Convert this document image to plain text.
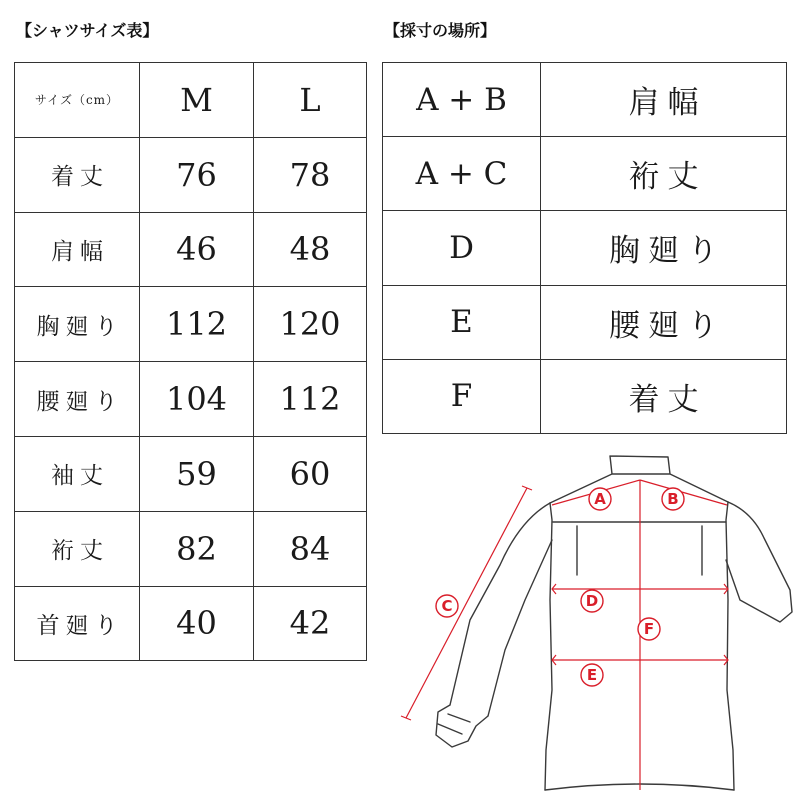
【シャツサイズ表】	【採寸の場所】
サイズ（cm）	M	L
着丈	76	78
肩幅	46	48
胸廻り	112	120
腰廻り	104	112
袖丈	59	60
裄丈	82	84
首廻り	40	42
A + B	肩幅
A + C	裄丈
D	胸廻り
E	腰廻り
F	着丈
A	B
C	D
F
E
